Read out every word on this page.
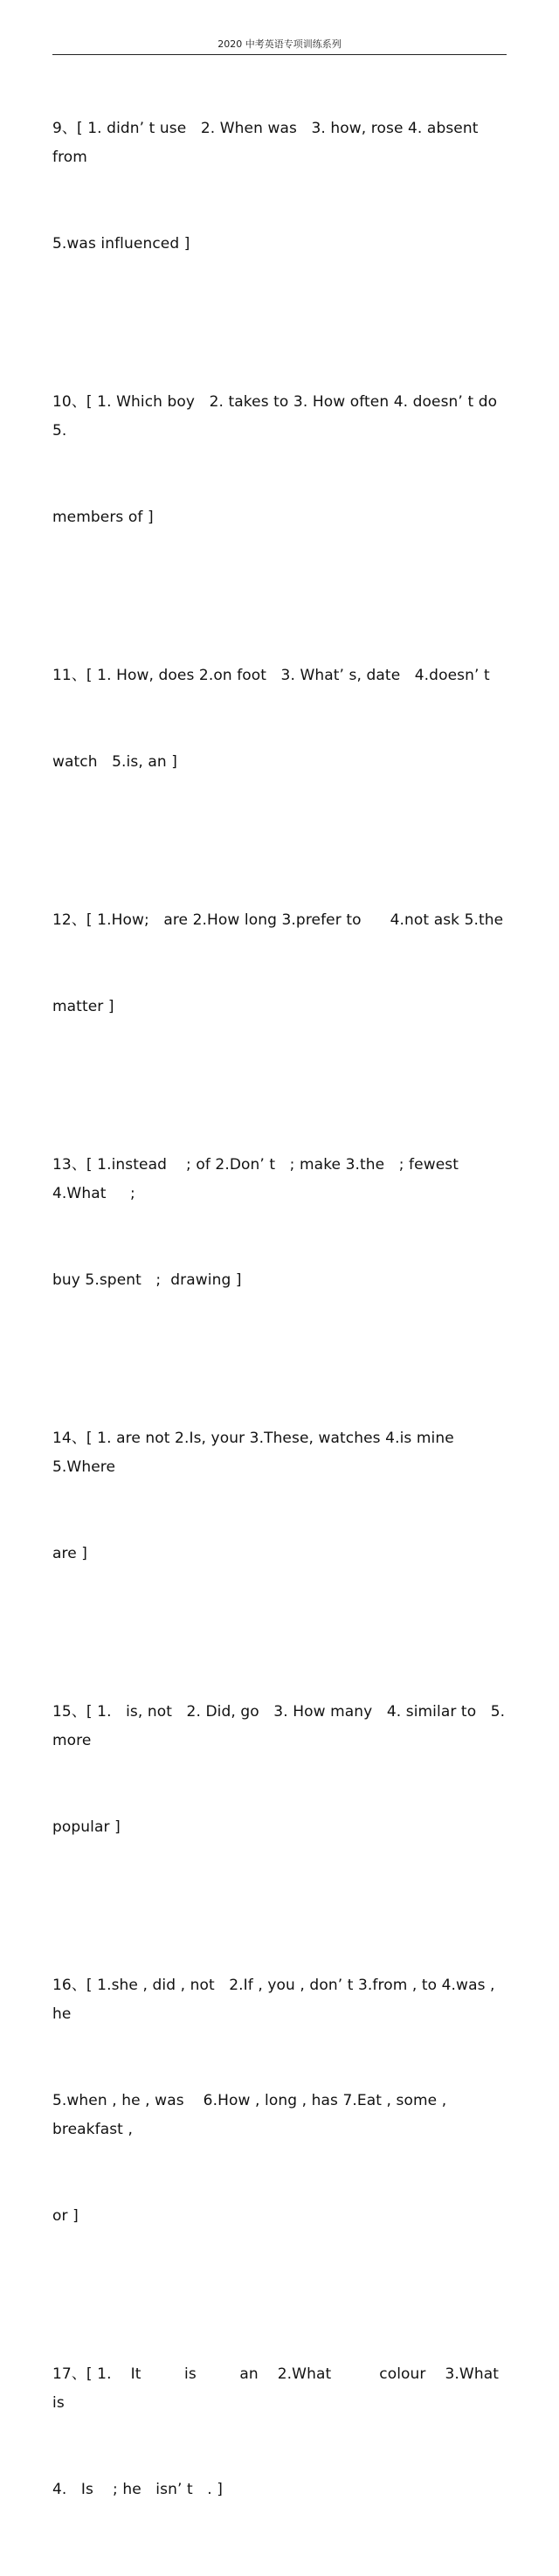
2020 中考英语专项训练系列

9、[ 1. didn’ t use   2. When was   3. how, rose 4. absent from

5.was influenced ]

10、[ 1. Which boy   2. takes to 3. How often 4. doesn’ t do 5.

members of ]

11、[ 1. How, does 2.on foot   3. What’ s, date   4.doesn’ t

watch   5.is, an ]

12、[ 1.How;   are 2.How long 3.prefer to      4.not ask 5.the

matter ]

13、[ 1.instead    ; of 2.Don’ t   ; make 3.the   ; fewest 4.What     ;

buy 5.spent   ;  drawing ]

14、[ 1. are not 2.Is, your 3.These, watches 4.is mine 5.Where

are ]

15、[ 1.   is, not   2. Did, go   3. How many   4. similar to   5. more

popular ]

16、[ 1.she , did , not   2.If , you , don’ t 3.from , to 4.was , he

5.when , he , was    6.How , long , has 7.Eat , some , breakfast ,

or ]

17、[ 1.    It         is         an    2.What          colour    3.What          is

4.   Is    ; he   isn’ t   . ]
